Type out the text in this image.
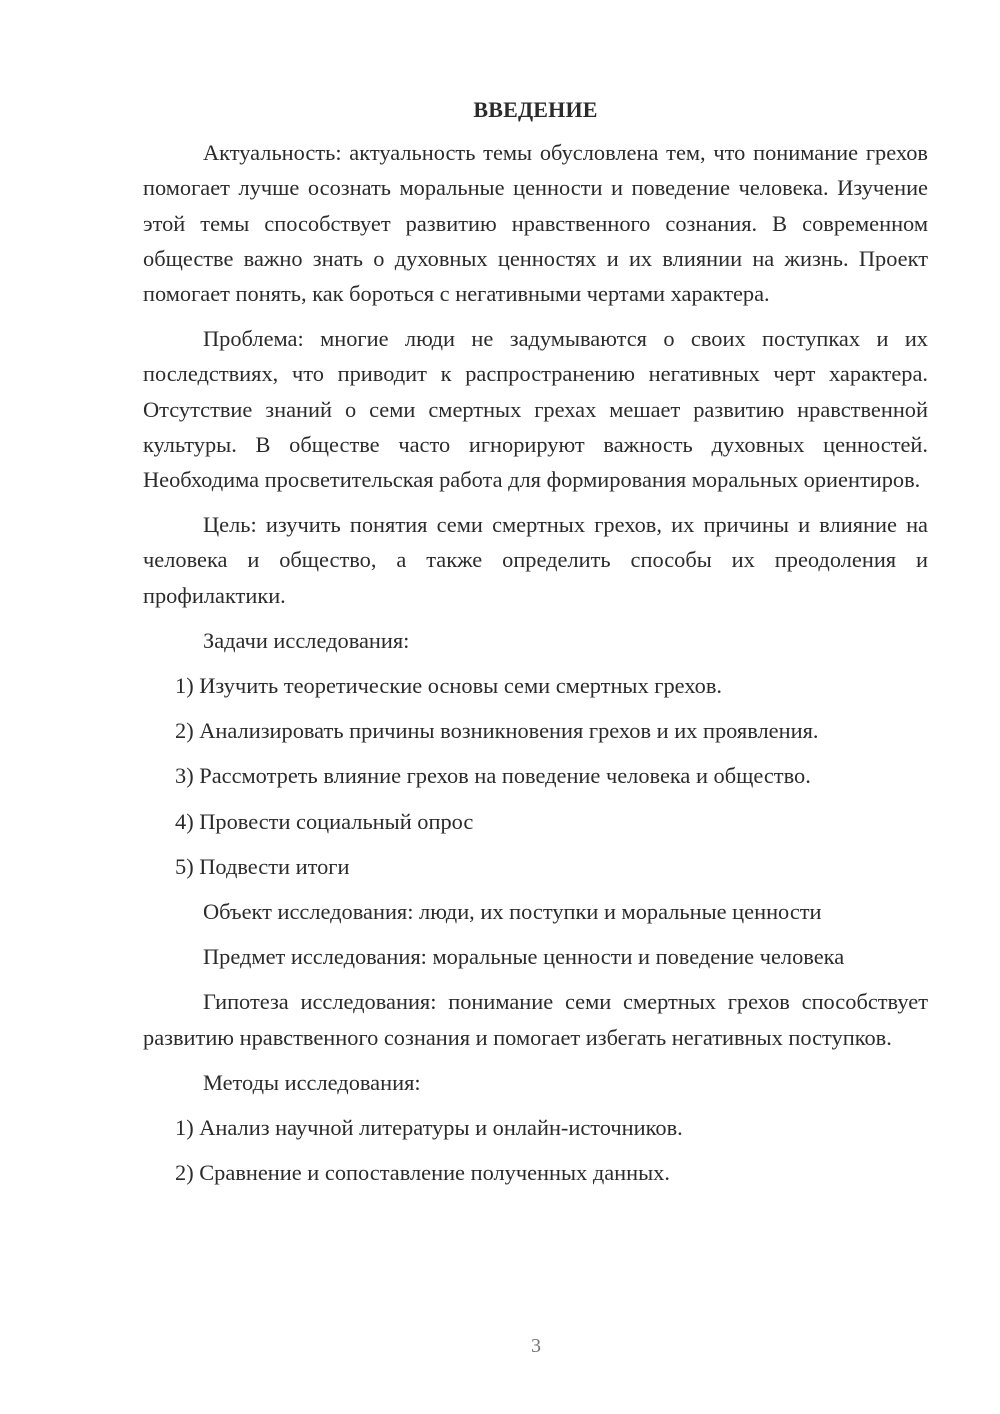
ВВЕДЕНИЕ

Актуальность: актуальность темы обусловлена тем, что понимание грехов помогает лучше осознать моральные ценности и поведение человека. Изучение этой темы способствует развитию нравственного сознания. В современном обществе важно знать о духовных ценностях и их влиянии на жизнь. Проект помогает понять, как бороться с негативными чертами характера.

Проблема: многие люди не задумываются о своих поступках и их последствиях, что приводит к распространению негативных черт характера. Отсутствие знаний о семи смертных грехах мешает развитию нравственной культуры. В обществе часто игнорируют важность духовных ценностей. Необходима просветительская работа для формирования моральных ориентиров.

Цель: изучить понятия семи смертных грехов, их причины и влияние на человека и общество, а также определить способы их преодоления и профилактики.

Задачи исследования:

1) Изучить теоретические основы семи смертных грехов.
2) Анализировать причины возникновения грехов и их проявления.
3) Рассмотреть влияние грехов на поведение человека и общество.
4) Провести социальный опрос
5) Подвести итоги

Объект исследования: люди, их поступки и моральные ценности

Предмет исследования: моральные ценности и поведение человека

Гипотеза исследования: понимание семи смертных грехов способствует развитию нравственного сознания и помогает избегать негативных поступков.

Методы исследования:

1) Анализ научной литературы и онлайн-источников.
2) Сравнение и сопоставление полученных данных.
3
